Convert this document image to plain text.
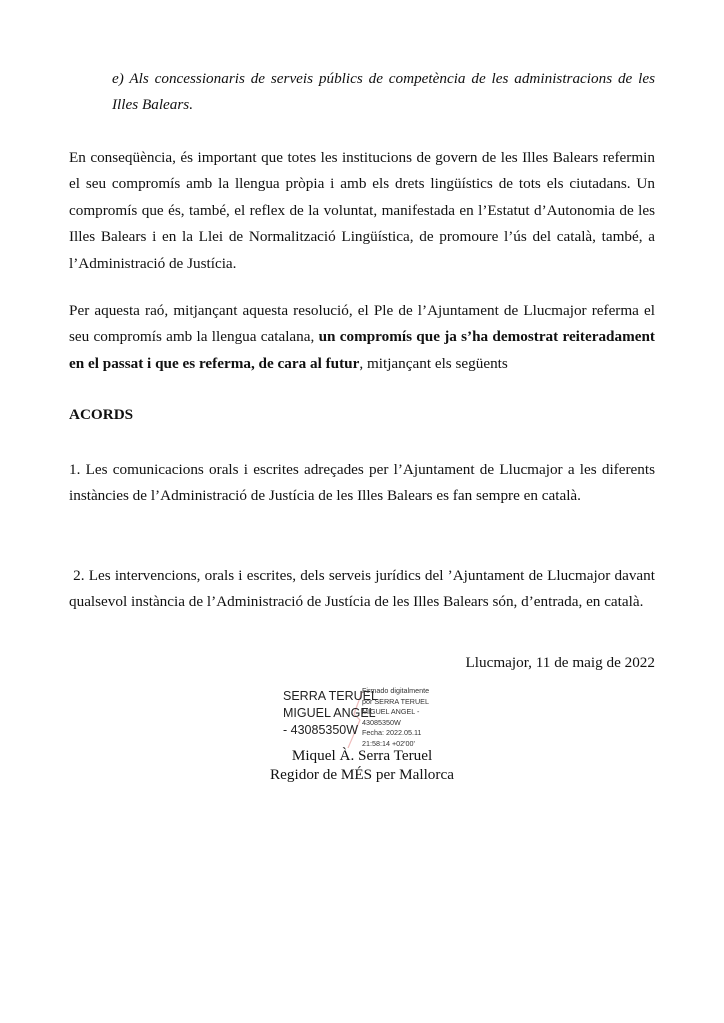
e) Als concessionaris de serveis públics de competència de les administracions de les Illes Balears.
En conseqüència, és important que totes les institucions de govern de les Illes Balears refermin el seu compromís amb la llengua pròpia i amb els drets lingüístics de tots els ciutadans. Un compromís que és, també, el reflex de la voluntat, manifestada en l’Estatut d’Autonomia de les Illes Balears i en la Llei de Normalització Lingüística, de promoure l’ús del català, també, a l’Administració de Justícia.
Per aquesta raó, mitjançant aquesta resolució, el Ple de l’Ajuntament de Llucmajor referma el seu compromís amb la llengua catalana, un compromís que ja s’ha demostrat reiteradament en el passat i que es referma, de cara al futur, mitjançant els següents
ACORDS
1. Les comunicacions orals i escrites adreçades per l’Ajuntament de Llucmajor a les diferents instàncies de l’Administració de Justícia de les Illes Balears es fan sempre en català.
2. Les intervencions, orals i escrites, dels serveis jurídics del ’Ajuntament de Llucmajor davant qualsevol instància de l’Administració de Justícia de les Illes Balears són, d’entrada, en català.
Llucmajor, 11 de maig de 2022
SERRA TERUEL
MIGUEL ANGEL
- 43085350W
Firmado digitalmente
por SERRA TERUEL
MIGUEL ANGEL -
43085350W
Fecha: 2022.05.11
21:58:14 +02'00'
Miquel À. Serra Teruel
Regidor de MÉS per Mallorca
